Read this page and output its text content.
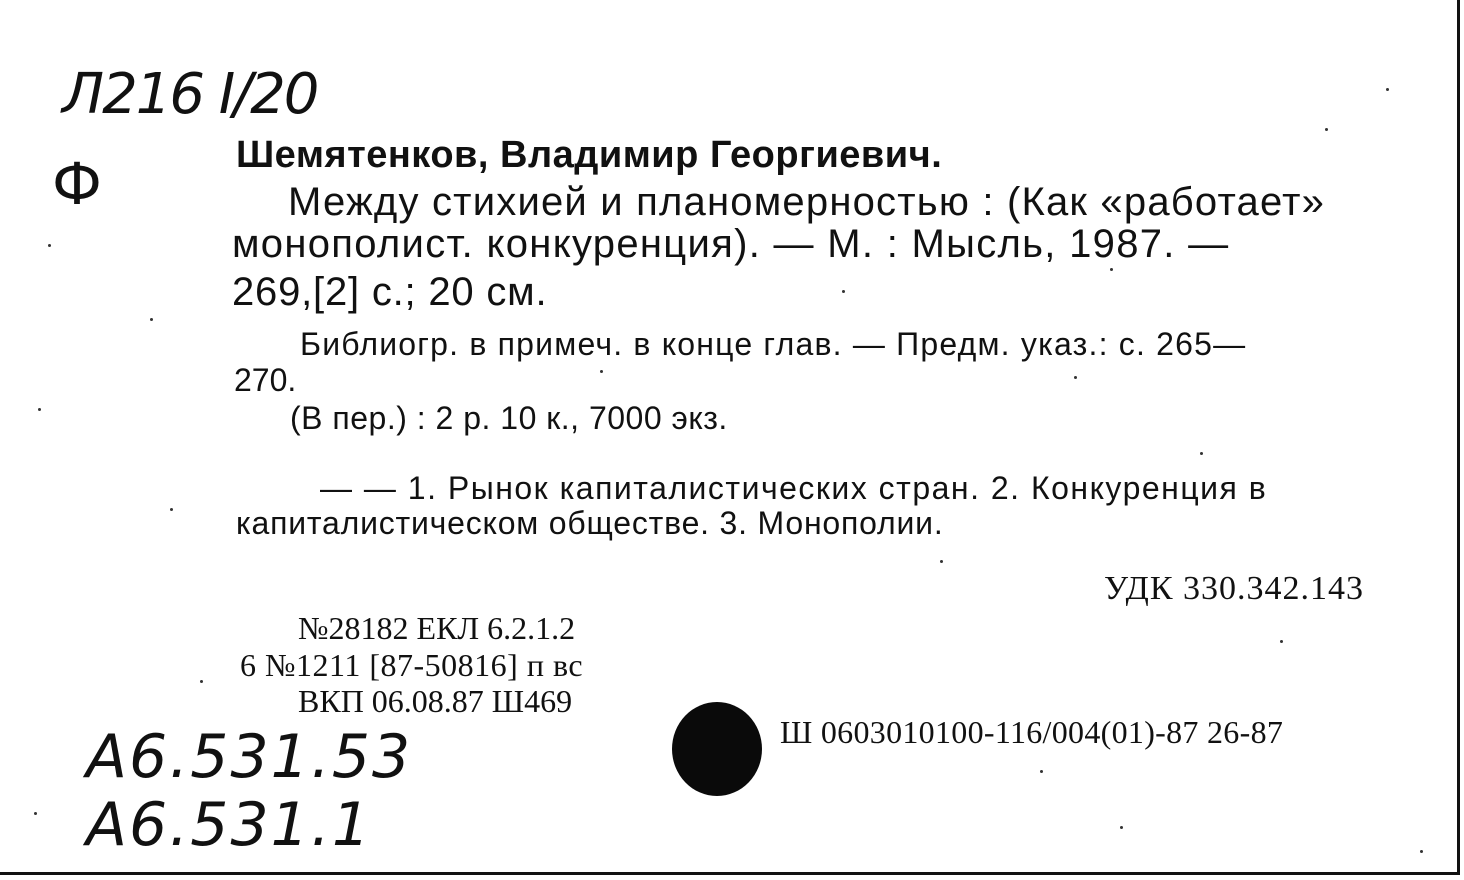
Л216 I/20
Ф	Шемятенков, Владимир Георгиевич.

Между стихией и планомерностью : (Как «работает»

монополист. конкуренция). — М. : Мысль, 1987. —

269,[2] с.; 20 см.

Библиогр. в примеч. в конце глав. — Предм. указ.: с. 265—

270.

(В пер.) : 2 р. 10 к., 7000 экз.

— — 1. Рынок капиталистических стран. 2. Конкуренция в

капиталистическом обществе. 3. Монополии.

УДК 330.342.143

№28182 ЕКЛ 6.2.1.2

6 №1211 [87-50816] п вс

ВКП 06.08.87 Ш469

Ш 0603010100-116/004(01)-87 26-87

А6.531.53
А6.531.1
